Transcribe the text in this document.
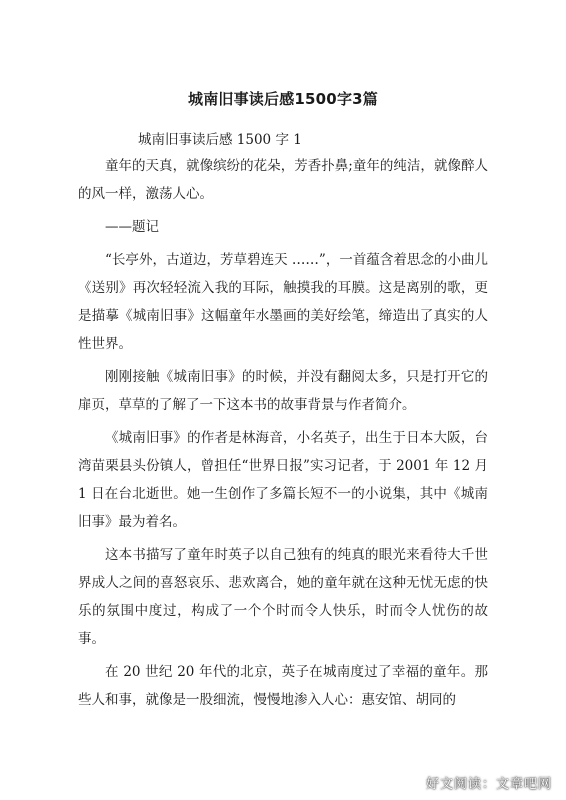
城南旧事读后感1500字3篇
城南旧事读后感 1500 字 1

童年的天真，就像缤纷的花朵，芳香扑鼻;童年的纯洁，就像醉人的风一样，激荡人心。

——题记

“长亭外，古道边，芳草碧连天 ……”，一首蕴含着思念的小曲儿《送别》再次轻轻流入我的耳际，触摸我的耳膜。这是离别的歌，更是描摹《城南旧事》这幅童年水墨画的美好绘笔，缔造出了真实的人性世界。

刚刚接触《城南旧事》的时候，并没有翻阅太多，只是打开它的扉页，草草的了解了一下这本书的故事背景与作者简介。

《城南旧事》的作者是林海音，小名英子，出生于日本大阪，台湾苗栗县头份镇人，曾担任“世界日报”实习记者，于 2001 年 12 月 1 日在台北逝世。她一生创作了多篇长短不一的小说集，其中《城南旧事》最为着名。

这本书描写了童年时英子以自己独有的纯真的眼光来看待大千世界成人之间的喜怒哀乐、悲欢离合，她的童年就在这种无忧无虑的快乐的氛围中度过，构成了一个个时而令人快乐，时而令人忧伤的故事。

在 20 世纪 20 年代的北京，英子在城南度过了幸福的童年。那些人和事，就像是一股细流，慢慢地渗入人心：惠安馆、胡同的

好文阅读：文章吧网
